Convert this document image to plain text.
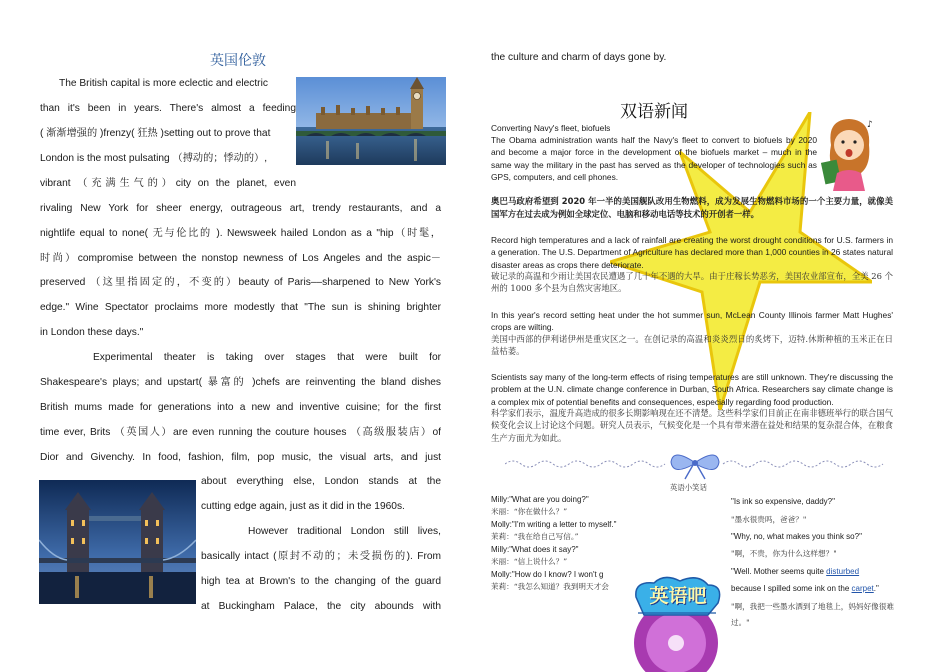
英国伦敦
The British capital is more eclectic and electric
than it's been in years. There's almost a feeding
( 渐渐增强的 )frenzy( 狂热 )setting out to prove that
London is the most pulsating （搏动的；悸动的）,
vibrant （充满生气的）city on the planet, even
rivaling New York for sheer energy, outrageous art, trendy restaurants, and a
nightlife equal to none( 无与伦比的 ). Newsweek hailed London as a "hip（时髦，
时尚）compromise between the nonstop newness of Los Angeles and the aspic－
preserved （这里指固定的，不变的）beauty of Paris––sharpened to New York's
edge." Wine Spectator proclaims more modestly that "The sun is shining brighter
in London these days."
Experimental theater is taking over stages that were built for
Shakespeare's plays; and upstart( 暴富的 )chefs are reinventing the bland dishes
British mums made for generations into a new and inventive cuisine; for the first
time ever, Brits （英国人）are even running the couture houses （高级服装店）of
Dior and Givenchy. In food, fashion, film, pop music, the visual arts, and just
about everything else, London stands at the
cutting edge again, just as it did in the 1960s.
However traditional London still lives,
basically intact (原封不动的；未受损伤的). From
high tea at Brown's to the changing of the guard
at Buckingham Palace, the city abounds with
the culture and charm of days gone by.
双语新闻
♪
Converting Navy's fleet, biofuels
The Obama administration wants half the Navy's fleet to convert to biofuels by 2020 and become a major force in the development of the biofuels market – much in the same way the military in the past has served as the developer of technologies such as GPS, computers, and cell phones.
奥巴马政府希望到 2020 年一半的美国舰队改用生物燃料，成为发展生物燃料市场的一个主要力量，就像美国军方在过去成为例如全球定位、电脑和移动电话等技术的开创者一样。
Record high temperatures and a lack of rainfall are creating the worst drought conditions for U.S. farmers in a generation. The U.S. Department of Agriculture has declared more than 1,000 counties in 26 states natural disaster areas as crops there deteriorate.
破记录的高温和少雨让美国农民遭遇了几十年不遇的大旱。由于庄稼长势恶劣，美国农业部宣布，全美 26 个州的 1000 多个县为自然灾害地区。
In this year's record setting heat under the hot summer sun, McLean County Illinois farmer Matt Hughes' crops are wilting.
美国中西部的伊利诺伊州是重灾区之一。在创记录的高温和炎炎烈日的炙烤下，迈特.休斯种植的玉米正在日益枯萎。
Scientists say many of the long-term effects of rising temperatures are still unknown. They're discussing the problem at the U.N. climate change conference in Durban, South Africa. Researchers say climate change is a complex mix of potential benefits and consequences, especially regarding food production.
科学家们表示，温度升高造成的很多长期影响现在还不清楚。这些科学家们目前正在南非德班举行的联合国气候变化会议上讨论这个问题。研究人员表示，气候变化是一个具有带来潜在益处和结果的复杂混合体，在粮食生产方面尤为如此。
英语小笑话
Milly:"What are you doing?"
米丽：“你在做什么？”
Molly:"I'm writing a letter to myself."
茉莉：“我在给自己写信。”
Milly:"What does it say?"
米丽：“信上说什么？”
Molly:"How do I know? I won't g
茉莉：“我怎么知道？我到明天才会
"Is ink so expensive, daddy?"
"墨水很贵吗，爸爸？"
"Why, no, what makes you think so?"
"啊，不贵，你为什么这样想？"
"Well. Mother seems quite disturbed
because I spilled some ink on the carpet."
"啊，我把一些墨水洒到了地毯上，妈妈好像很难
过。"
英语吧
